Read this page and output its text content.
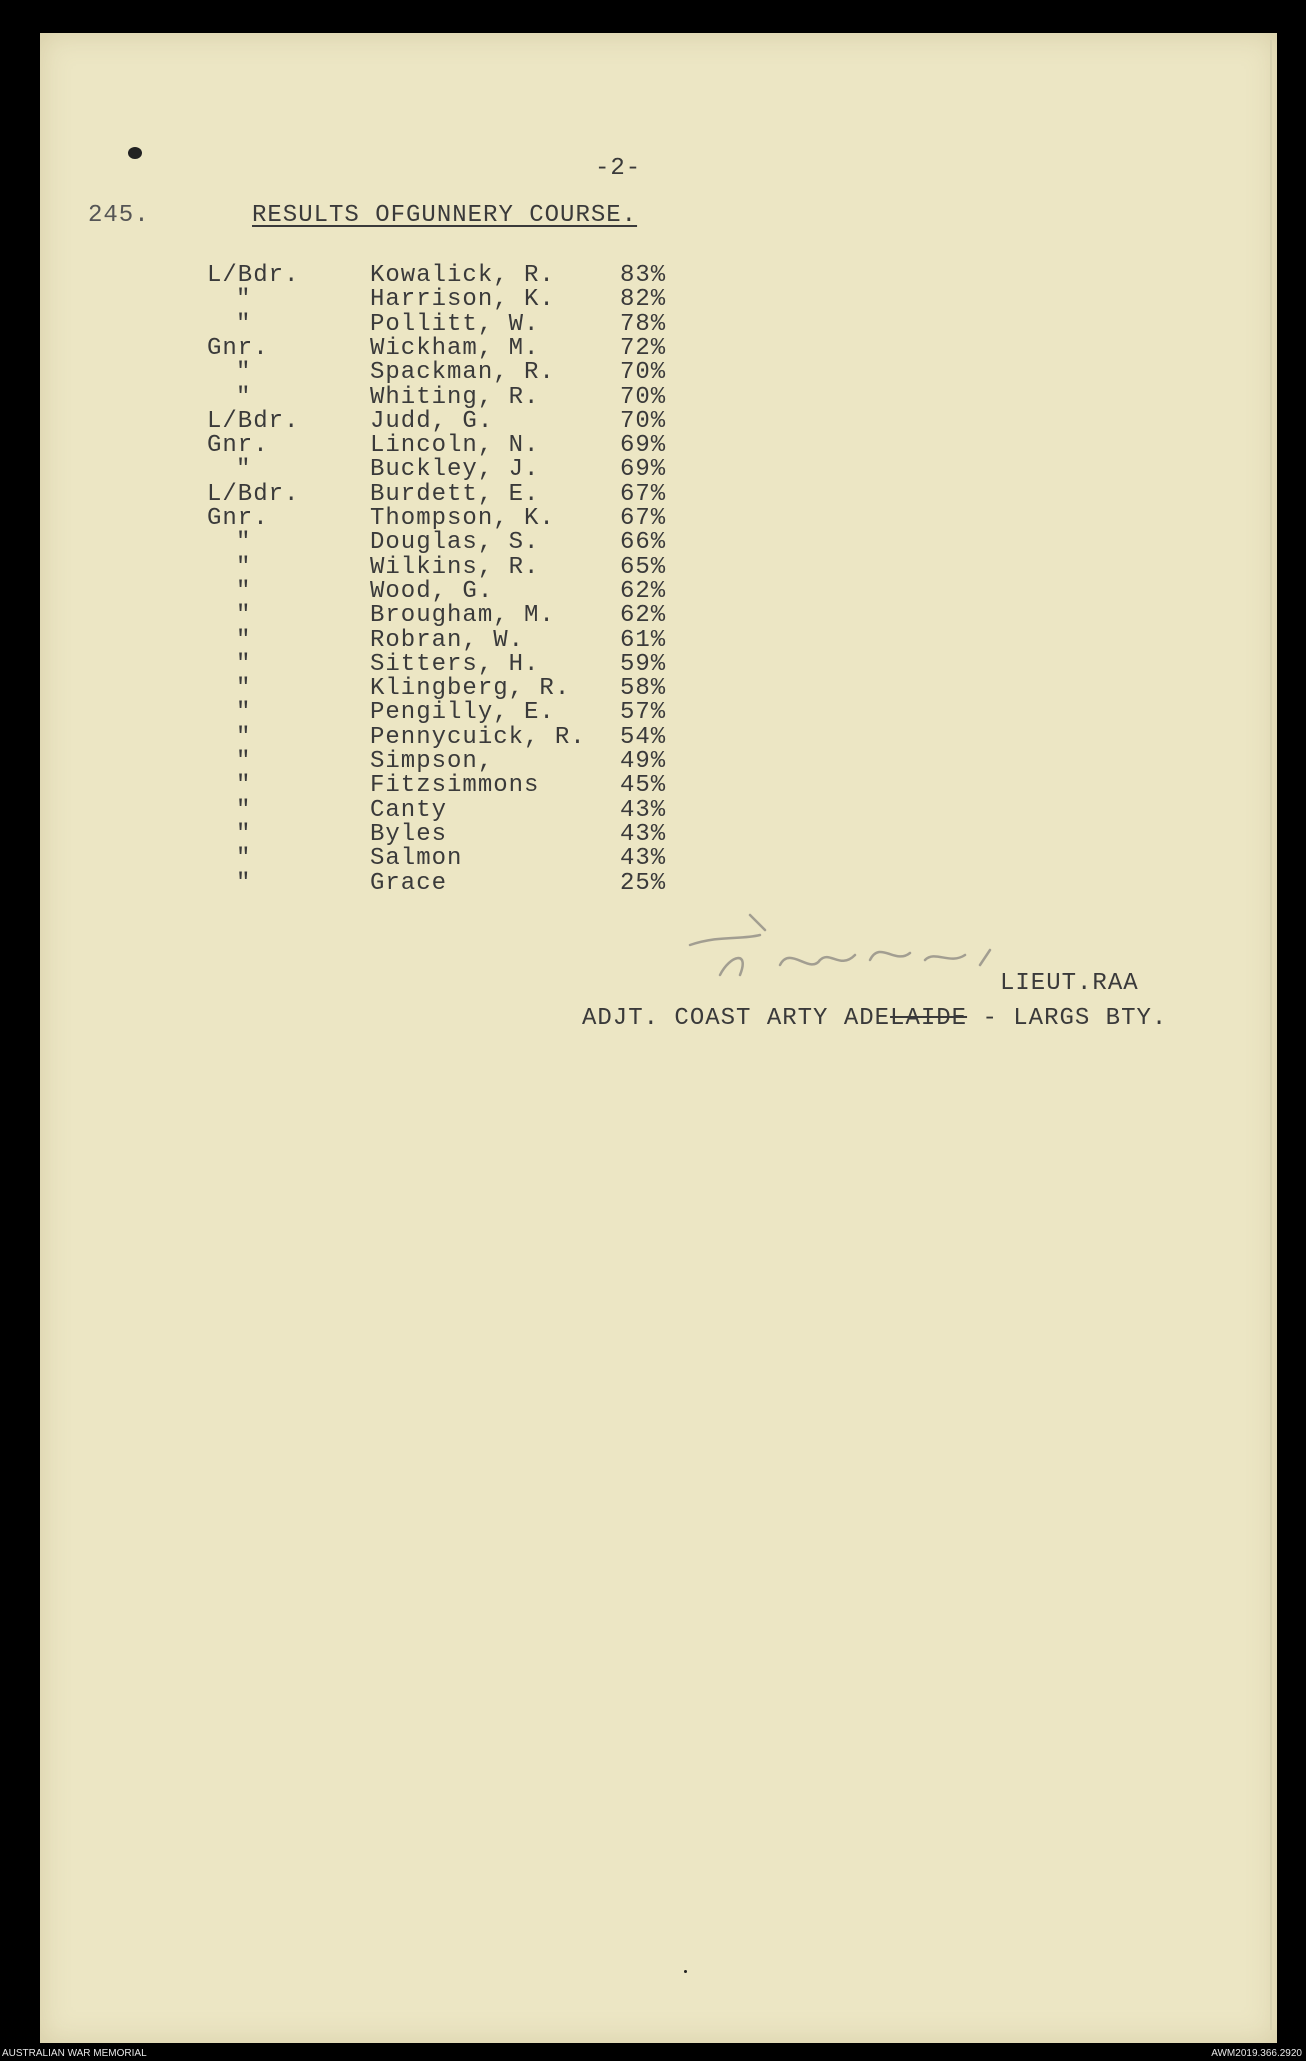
-2-
245.	RESULTS OFGUNNERY COURSE.
L/Bdr.	Kowalick, R.	83%
"	Harrison, K.	82%
"	Pollitt, W.	78%
Gnr.	Wickham, M.	72%
"	Spackman, R.	70%
"	Whiting, R.	70%
L/Bdr.	Judd, G.	70%
Gnr.	Lincoln, N.	69%
"	Buckley, J.	69%
L/Bdr.	Burdett, E.	67%
Gnr.	Thompson, K.	67%
"	Douglas, S.	66%
"	Wilkins, R.	65%
"	Wood, G.	62%
"	Brougham, M.	62%
"	Robran, W.	61%
"	Sitters, H.	59%
"	Klingberg, R. 58%
"	Pengilly, E.	57%
"	Pennycuick, R. 54%
"	Simpson,	49%
"	Fitzsimmons	45%
"	Canty	43%
"	Byles	43%
"	Salmon	43%
"	Grace	25%
LIEUT.RAA
ADJT. COAST ARTY ADELAIDE - LARGS BTY.
AUSTRALIAN WAR MEMORIAL	AWM2019.366.2920
